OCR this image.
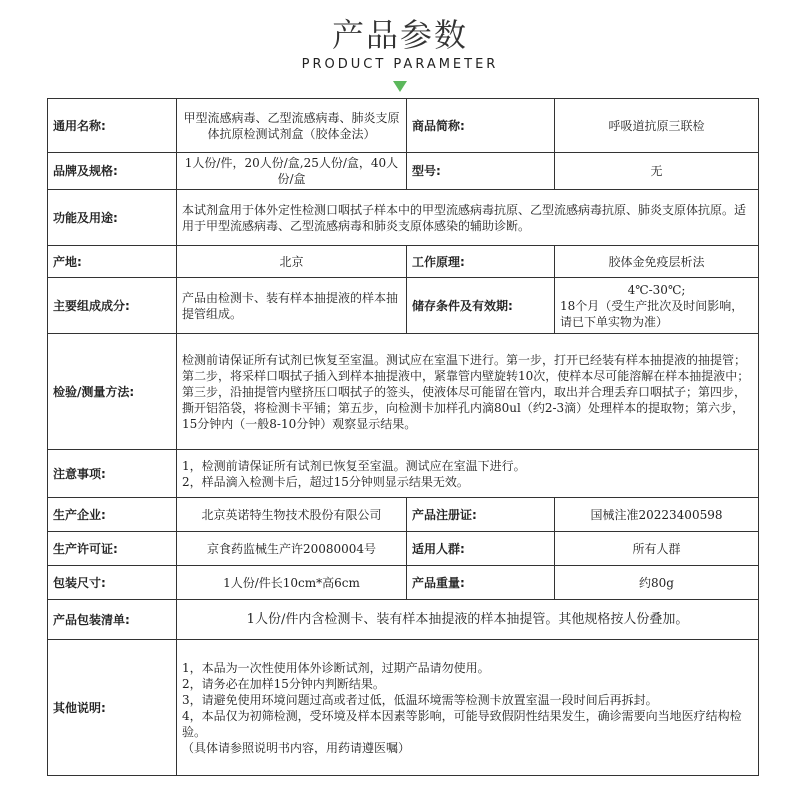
产品参数
PRODUCT PARAMETER
通用名称:	甲型流感病毒、乙型流感病毒、肺炎支原体抗原检测试剂盒（胶体金法）	商品简称:	呼吸道抗原三联检
品牌及规格:	1人份/件，20人份/盒,25人份/盒，40人份/盒	型号:	无
功能及用途:	本试剂盒用于体外定性检测口咽拭子样本中的甲型流感病毒抗原、乙型流感病毒抗原、肺炎支原体抗原。适用于甲型流感病毒、乙型流感病毒和肺炎支原体感染的辅助诊断。		
产地:	北京	工作原理:	胶体金免疫层析法
主要组成成分:	产品由检测卡、装有样本抽提液的样本抽提管组成。	储存条件及有效期:	4℃-30℃;
18个月（受生产批次及时间影响，请已下单实物为准）

检验/测量方法:	检测前请保证所有试剂已恢复至室温。测试应在室温下进行。第一步，打开已经装有样本抽提液的抽提管；第二步，将采样口咽拭子插入到样本抽提液中，紧靠管内壁旋转10次，使样本尽可能溶解在样本抽提液中；第三步，沿抽提管内壁挤压口咽拭子的签头，使液体尽可能留在管内，取出并合理丢弃口咽拭子；第四步，撕开铝箔袋，将检测卡平铺；第五步，向检测卡加样孔内滴80ul（约2-3滴）处理样本的提取物；第六步，15分钟内（一般8-10分钟）观察显示结果。		
注意事项:	1，检测前请保证所有试剂已恢复至室温。测试应在室温下进行。
2，样品滴入检测卡后，超过15分钟则显示结果无效。		

生产企业:	北京英诺特生物技术股份有限公司	产品注册证:	国械注准20223400598
生产许可证:	京食药监械生产许20080004号	适用人群:	所有人群
包装尺寸:	1人份/件长10cm*高6cm	产品重量:	约80g
产品包装清单:	1人份/件内含检测卡、装有样本抽提液的样本抽提管。其他规格按人份叠加。		
其他说明:	1，本品为一次性使用体外诊断试剂，过期产品请勿使用。
2，请务必在加样15分钟内判断结果。
3，请避免使用环境问题过高或者过低，低温环境需等检测卡放置室温一段时间后再拆封。
4，本品仅为初筛检测，受环境及样本因素等影响，可能导致假阴性结果发生，确诊需要向当地医疗结构检验。
（具体请参照说明书内容，用药请遵医嘱）		
